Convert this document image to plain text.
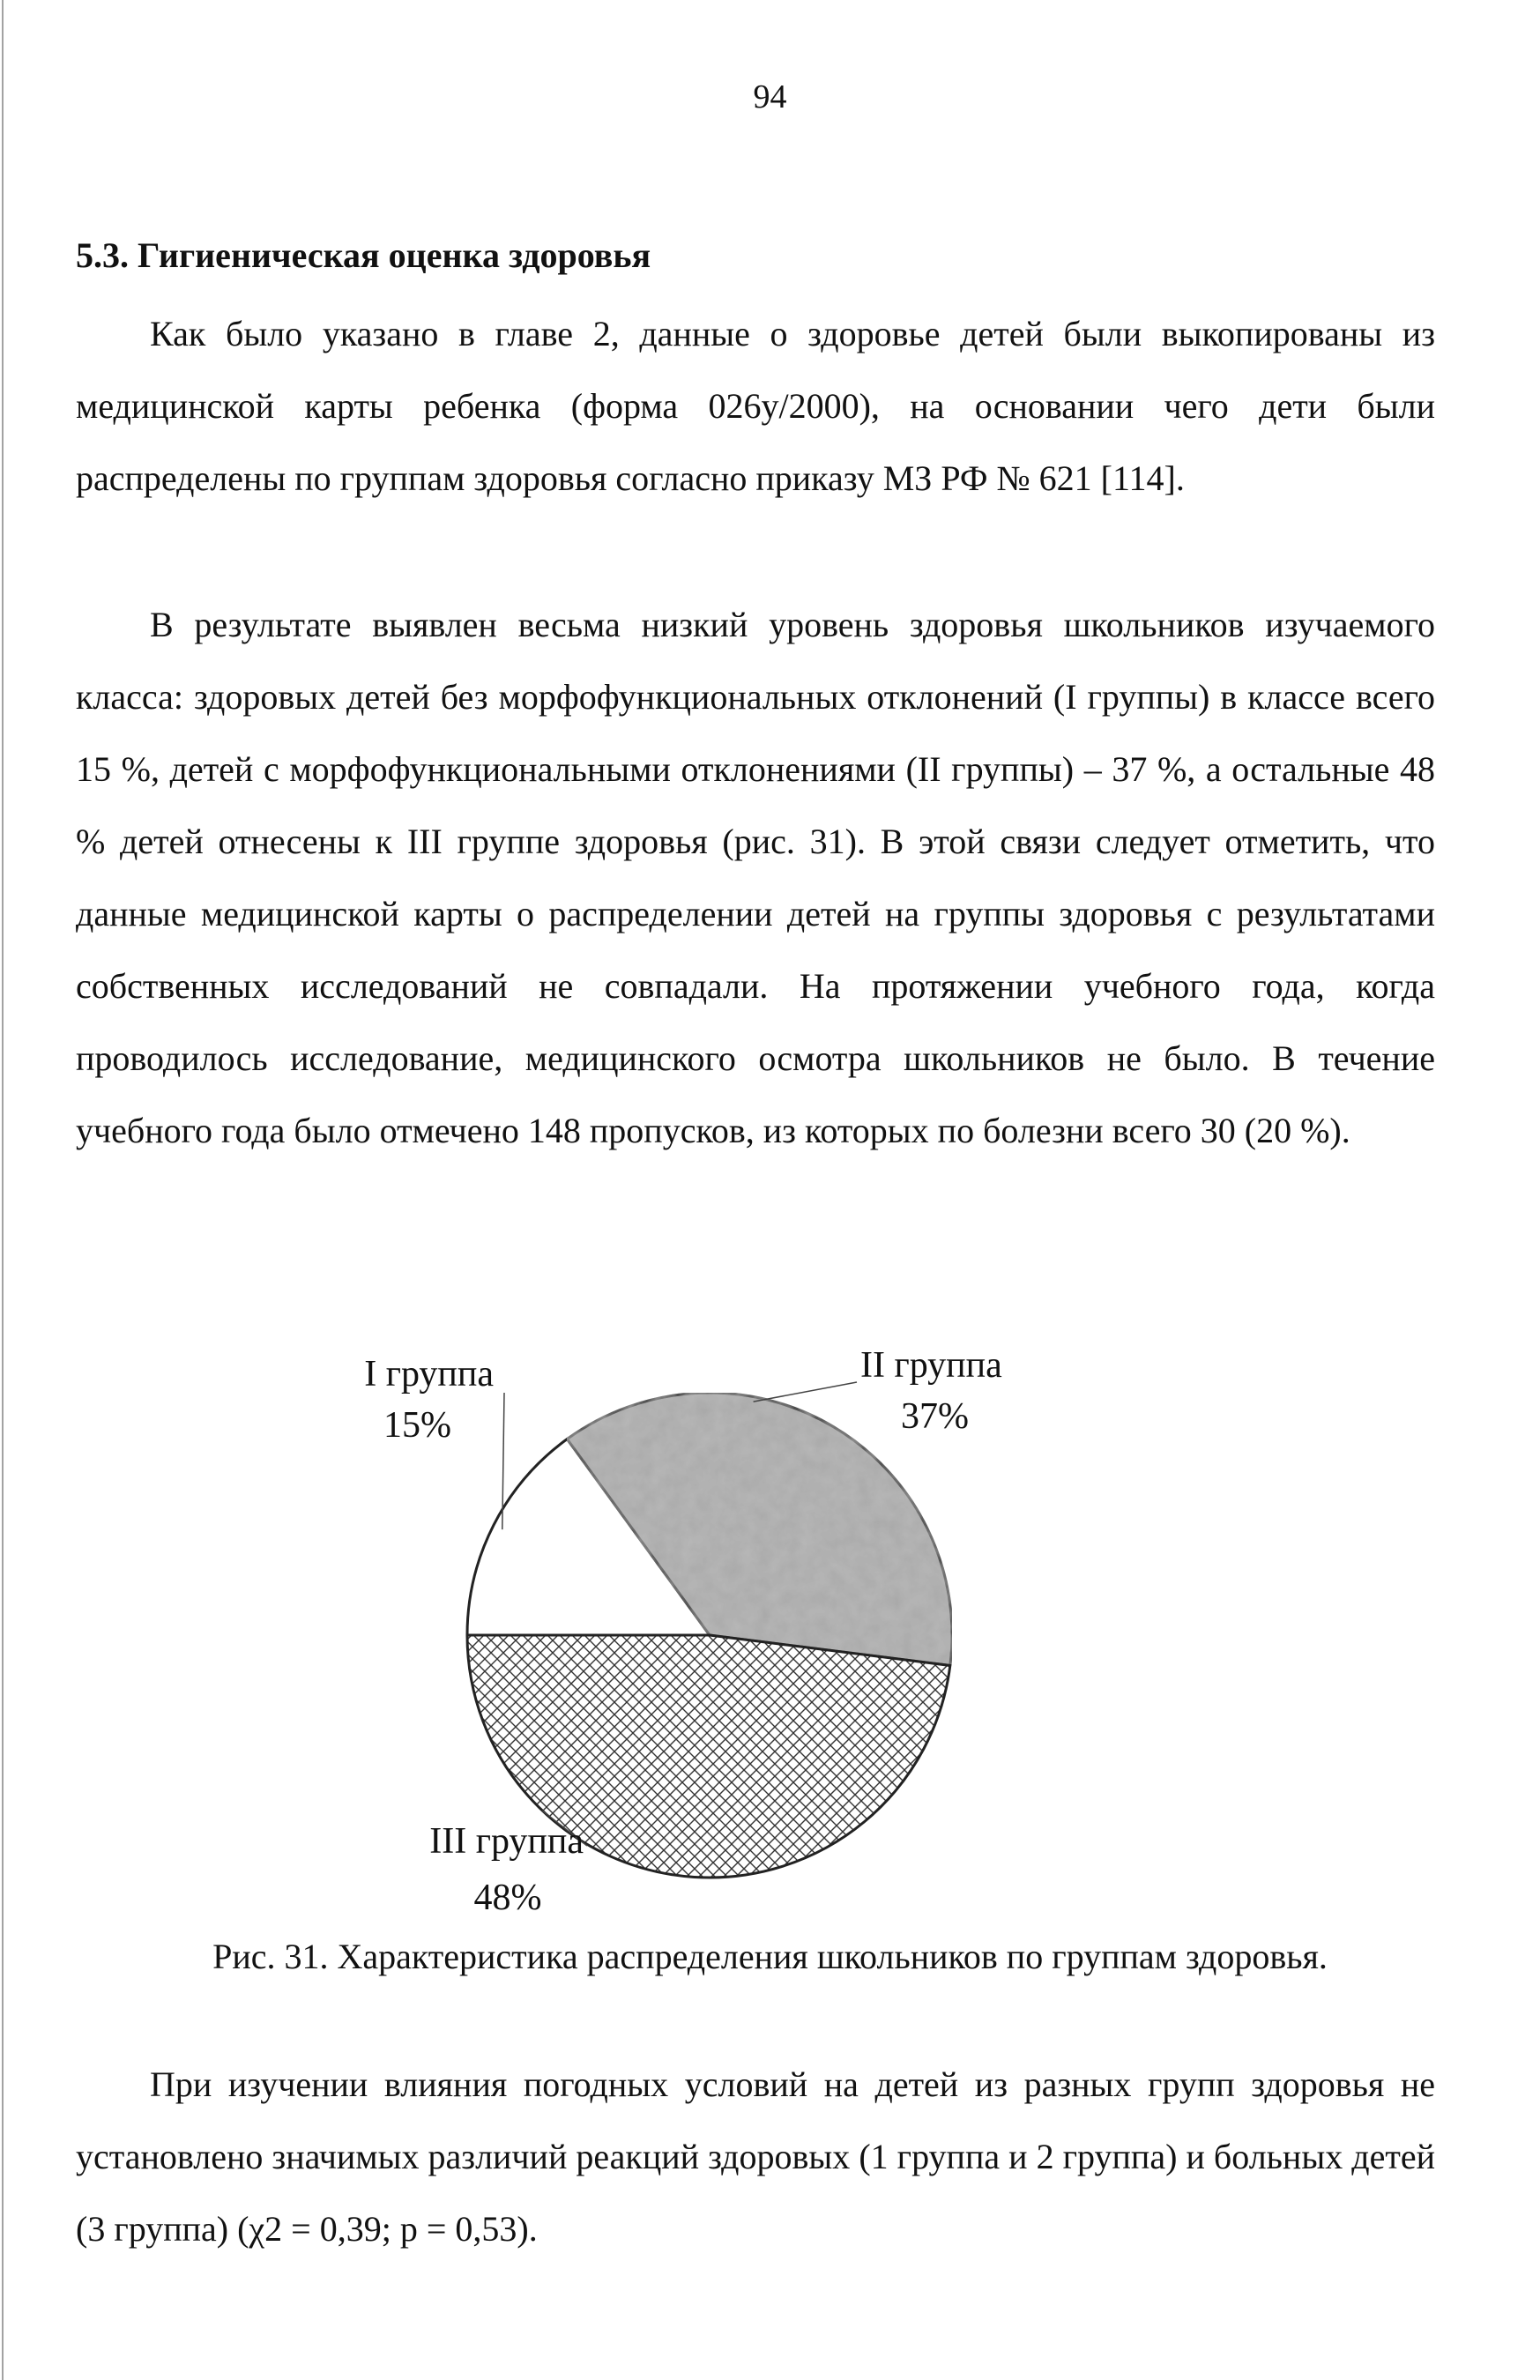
94
5.3. Гигиеническая оценка здоровья

Как было указано в главе 2, данные о здоровье детей были выкопированы из медицинской карты ребенка (форма 026у/2000), на основании чего дети были распределены по группам здоровья согласно приказу МЗ РФ № 621 [114].

В результате выявлен весьма низкий уровень здоровья школьников изучаемого класса: здоровых детей без морфофункциональных отклонений (I группы) в классе всего 15 %, детей с морфофункциональными отклонениями (II группы) – 37 %, а остальные 48 % детей отнесены к III группе здоровья (рис. 31). В этой связи следует отметить, что данные медицинской карты о распределении детей на группы здоровья с результатами собственных исследований не совпадали. На протяжении учебного года, когда проводилось исследование, медицинского осмотра школьников не было. В течение учебного года было отмечено 148 пропусков, из которых по болезни всего 30 (20 %).

I группа
15%
II группа
37%
III группа
48%
Рис. 31. Характеристика распределения школьников по группам здоровья.

При изучении влияния погодных условий на детей из разных групп здоровья не установлено значимых различий реакций здоровых (1 группа и 2 группа) и больных детей (3 группа) (χ2 = 0,39; р = 0,53).
